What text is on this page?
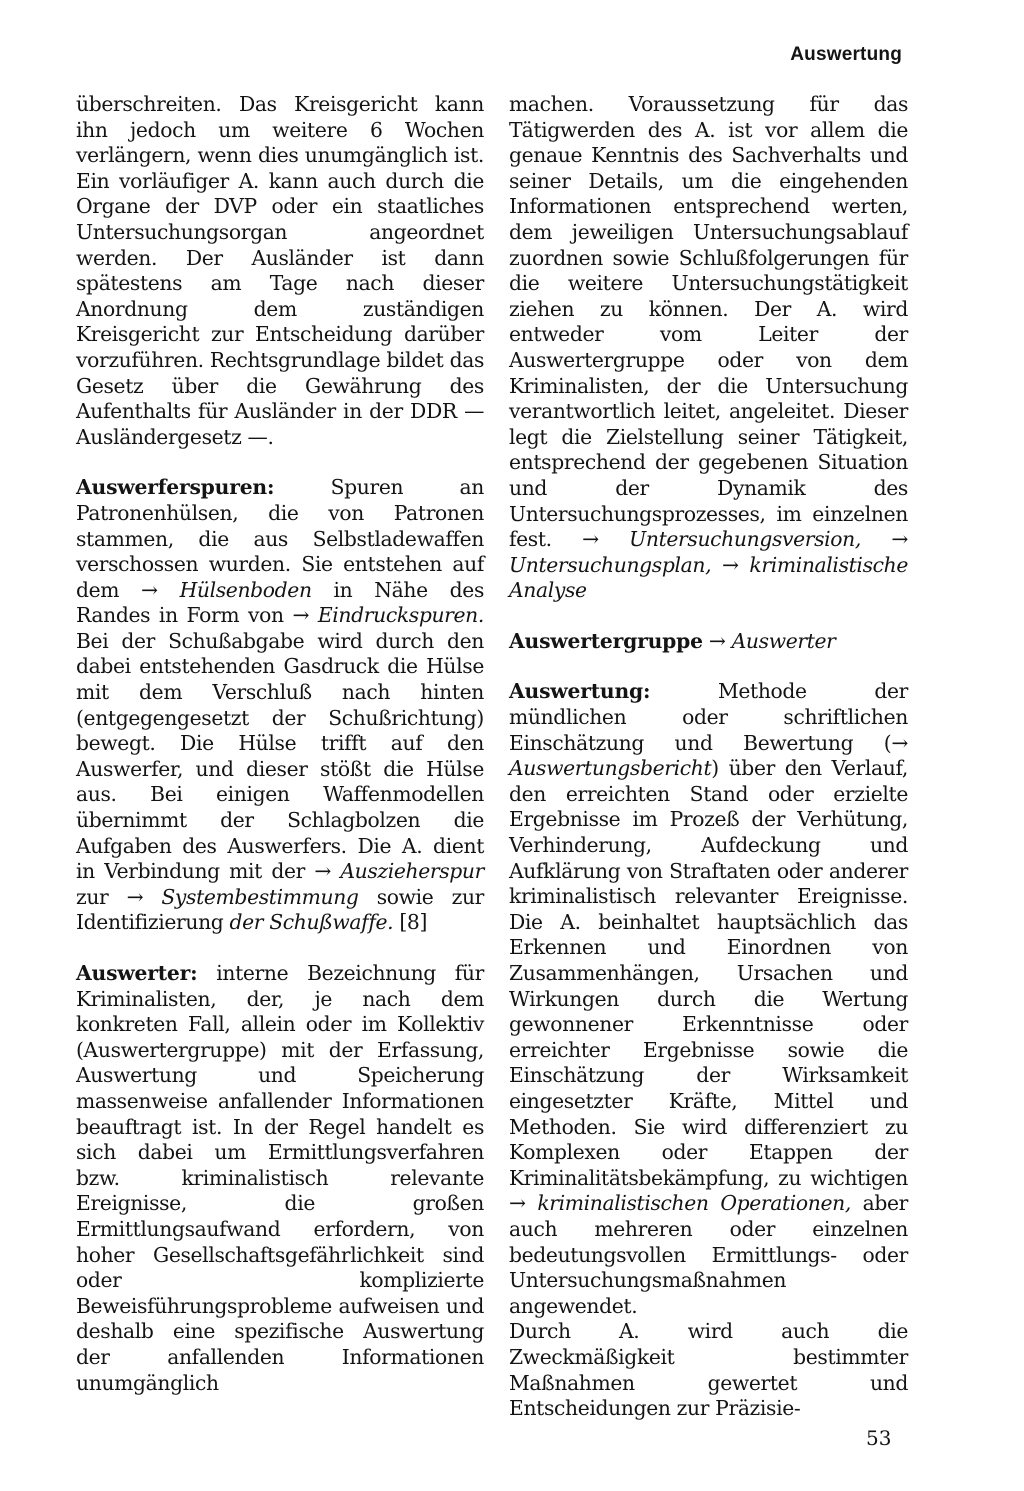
Auswertung

überschreiten. Das Kreisgericht kann ihn jedoch um weitere 6 Wochen verlängern, wenn dies unumgänglich ist. Ein vorläufiger A. kann auch durch die Organe der DVP oder ein staatliches Untersuchungsorgan angeordnet werden. Der Ausländer ist dann spätestens am Tage nach dieser Anordnung dem zuständigen Kreisgericht zur Entscheidung darüber vorzuführen. Rechtsgrundlage bildet das Gesetz über die Gewährung des Aufenthalts für Ausländer in der DDR — Ausländergesetz —.

Auswerferspuren: Spuren an Patronenhülsen, die von Patronen stammen, die aus Selbstladewaffen verschossen wurden. Sie entstehen auf dem → Hülsenboden in Nähe des Randes in Form von → Eindruckspuren. Bei der Schußabgabe wird durch den dabei entstehenden Gasdruck die Hülse mit dem Verschluß nach hinten (entgegengesetzt der Schußrichtung) bewegt. Die Hülse trifft auf den Auswerfer, und dieser stößt die Hülse aus. Bei einigen Waffenmodellen übernimmt der Schlagbolzen die Aufgaben des Auswerfers. Die A. dient in Verbindung mit der → Auszieherspur zur → Systembestimmung sowie zur Identifizierung der Schußwaffe. [8]

Auswerter: interne Bezeichnung für Kriminalisten, der, je nach dem konkreten Fall, allein oder im Kollektiv (Auswertergruppe) mit der Erfassung, Auswertung und Speicherung massenweise anfallender Informationen beauftragt ist. In der Regel handelt es sich dabei um Ermittlungsverfahren bzw. kriminalistisch relevante Ereignisse, die großen Ermittlungsaufwand erfordern, von hoher Gesellschaftsgefährlichkeit sind oder komplizierte Beweisführungsprobleme aufweisen und deshalb eine spezifische Auswertung der anfallenden Informationen unumgänglich

machen. Voraussetzung für das Tätigwerden des A. ist vor allem die genaue Kenntnis des Sachverhalts und seiner Details, um die eingehenden Informationen entsprechend werten, dem jeweiligen Untersuchungsablauf zuordnen sowie Schlußfolgerungen für die weitere Untersuchungstätigkeit ziehen zu können. Der A. wird entweder vom Leiter der Auswertergruppe oder von dem Kriminalisten, der die Untersuchung verantwortlich leitet, angeleitet. Dieser legt die Zielstellung seiner Tätigkeit, entsprechend der gegebenen Situation und der Dynamik des Untersuchungsprozesses, im einzelnen fest. → Untersuchungsversion, → Untersuchungsplan, → kriminalistische Analyse

Auswertergruppe → Auswerter

Auswertung: Methode der mündlichen oder schriftlichen Einschätzung und Bewertung (→ Auswertungsbericht) über den Verlauf, den erreichten Stand oder erzielte Ergebnisse im Prozeß der Verhütung, Verhinderung, Aufdeckung und Aufklärung von Straftaten oder anderer kriminalistisch relevanter Ereignisse. Die A. beinhaltet hauptsächlich das Erkennen und Einordnen von Zusammenhängen, Ursachen und Wirkungen durch die Wertung gewonnener Erkenntnisse oder erreichter Ergebnisse sowie die Einschätzung der Wirksamkeit eingesetzter Kräfte, Mittel und Methoden. Sie wird differenziert zu Komplexen oder Etappen der Kriminalitätsbekämpfung, zu wichtigen → kriminalistischen Operationen, aber auch mehreren oder einzelnen bedeutungsvollen Ermittlungs- oder Untersuchungsmaßnahmen angewendet.

Durch A. wird auch die Zweckmäßigkeit bestimmter Maßnahmen gewertet und Entscheidungen zur Präzisie-

53
